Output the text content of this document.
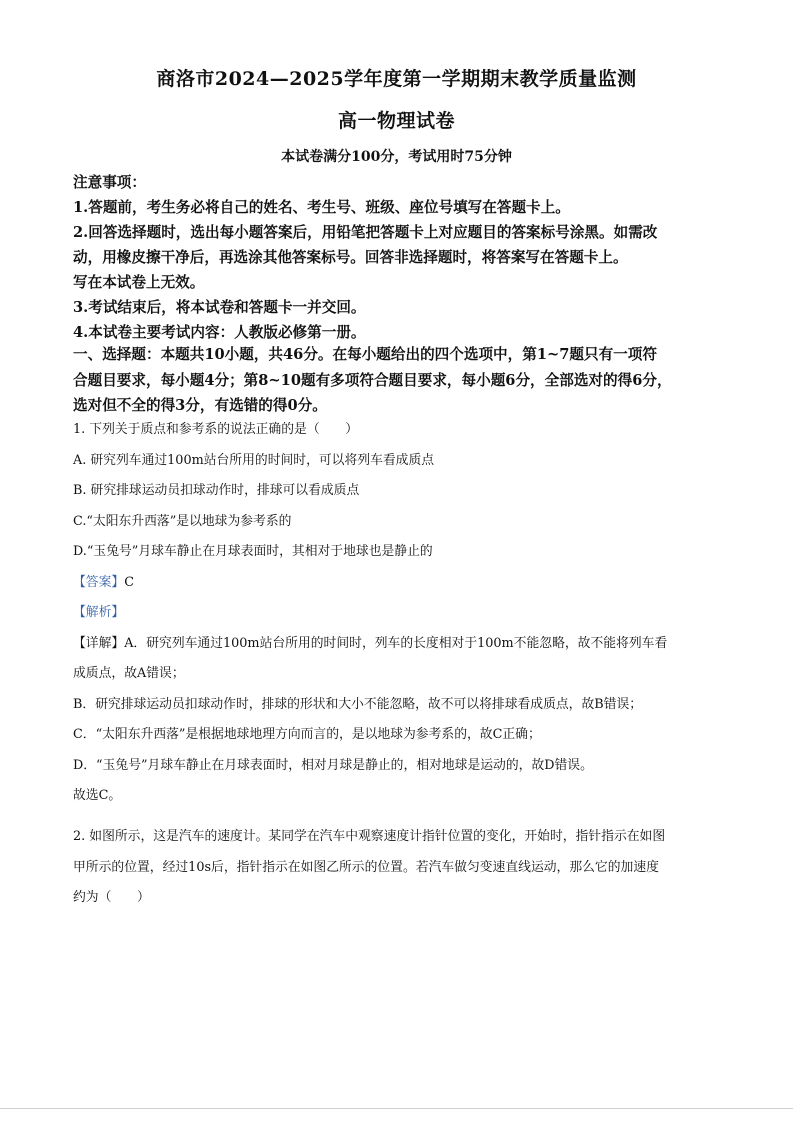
商洛市2024—2025学年度第一学期期末教学质量监测
高一物理试卷
本试卷满分100分，考试用时75分钟
注意事项：
1.答题前，考生务必将自己的姓名、考生号、班级、座位号填写在答题卡上。
2.回答选择题时，选出每小题答案后，用铅笔把答题卡上对应题目的答案标号涂黑。如需改
动，用橡皮擦干净后，再选涂其他答案标号。回答非选择题时，将答案写在答题卡上。
写在本试卷上无效。
3.考试结束后，将本试卷和答题卡一并交回。
4.本试卷主要考试内容：人教版必修第一册。
一、选择题：本题共10小题，共46分。在每小题给出的四个选项中，第1~7题只有一项符
合题目要求，每小题4分；第8~10题有多项符合题目要求，每小题6分，全部选对的得6分，
选对但不全的得3分，有选错的得0分。
1. 下列关于质点和参考系的说法正确的是（　　）
A. 研究列车通过100m站台所用的时间时，可以将列车看成质点
B. 研究排球运动员扣球动作时，排球可以看成质点
C.“太阳东升西落”是以地球为参考系的
D.“玉兔号”月球车静止在月球表面时，其相对于地球也是静止的
【答案】C
【解析】
【详解】A．研究列车通过100m站台所用的时间时，列车的长度相对于100m不能忽略，故不能将列车看
成质点，故A错误；
B．研究排球运动员扣球动作时，排球的形状和大小不能忽略，故不可以将排球看成质点，故B错误；
C．“太阳东升西落”是根据地球地理方向而言的，是以地球为参考系的，故C正确；
D．“玉兔号”月球车静止在月球表面时，相对月球是静止的，相对地球是运动的，故D错误。
故选C。
2. 如图所示，这是汽车的速度计。某同学在汽车中观察速度计指针位置的变化，开始时，指针指示在如图
甲所示的位置，经过10s后，指针指示在如图乙所示的位置。若汽车做匀变速直线运动，那么它的加速度
约为（　　）
